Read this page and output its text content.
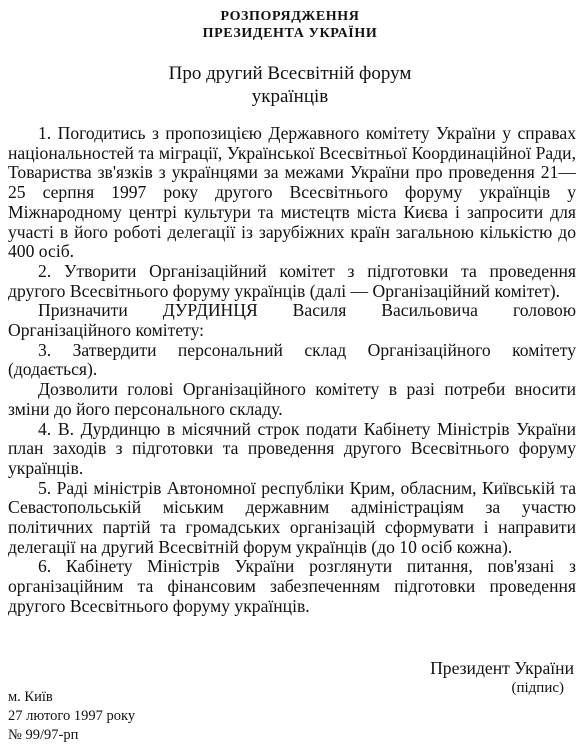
РОЗПОРЯДЖЕННЯ
ПРЕЗИДЕНТА УКРАЇНИ
Про другий Всесвітній форум
українців

1. Погодитись з пропозицією Державного комітету України у справах національностей та міграції, Української Всесвітньої Координаційної Ради, Товариства зв'язків з українцями за межами України про проведення 21—25 серпня 1997 року другого Всесвітнього форуму українців у Міжнародному центрі культури та мистецтв міста Києва і запросити для участі в його роботі делегації із зарубіжних країн загальною кількістю до 400 осіб.

2. Утворити Організаційний комітет з підготовки та проведення другого Всесвітнього форуму українців (далі — Організаційний комітет).

Призначити ДУРДИНЦЯ Василя Васильовича головою Організаційного комітету:

3. Затвердити персональний склад Організаційного комітету (додається).

Дозволити голові Організаційного комітету в разі потреби вносити зміни до його персонального складу.

4. В. Дурдинцю в місячний строк подати Кабінету Міністрів України план заходів з підготовки та проведення другого Всесвітнього форуму українців.

5. Раді міністрів Автономної республіки Крим, обласним, Київській та Севастопольській міським державним адміністраціям за участю політичних партій та громадських організацій сформувати і направити делегації на другий Всесвітній форум українців (до 10 осіб кожна).

6. Кабінету Міністрів України розглянути питання, пов'язані з організаційним та фінансовим забезпеченням підготовки проведення другого Всесвітнього форуму українців.

Президент України
(підпис)
м. Київ
27 лютого 1997 року
№ 99/97-рп
